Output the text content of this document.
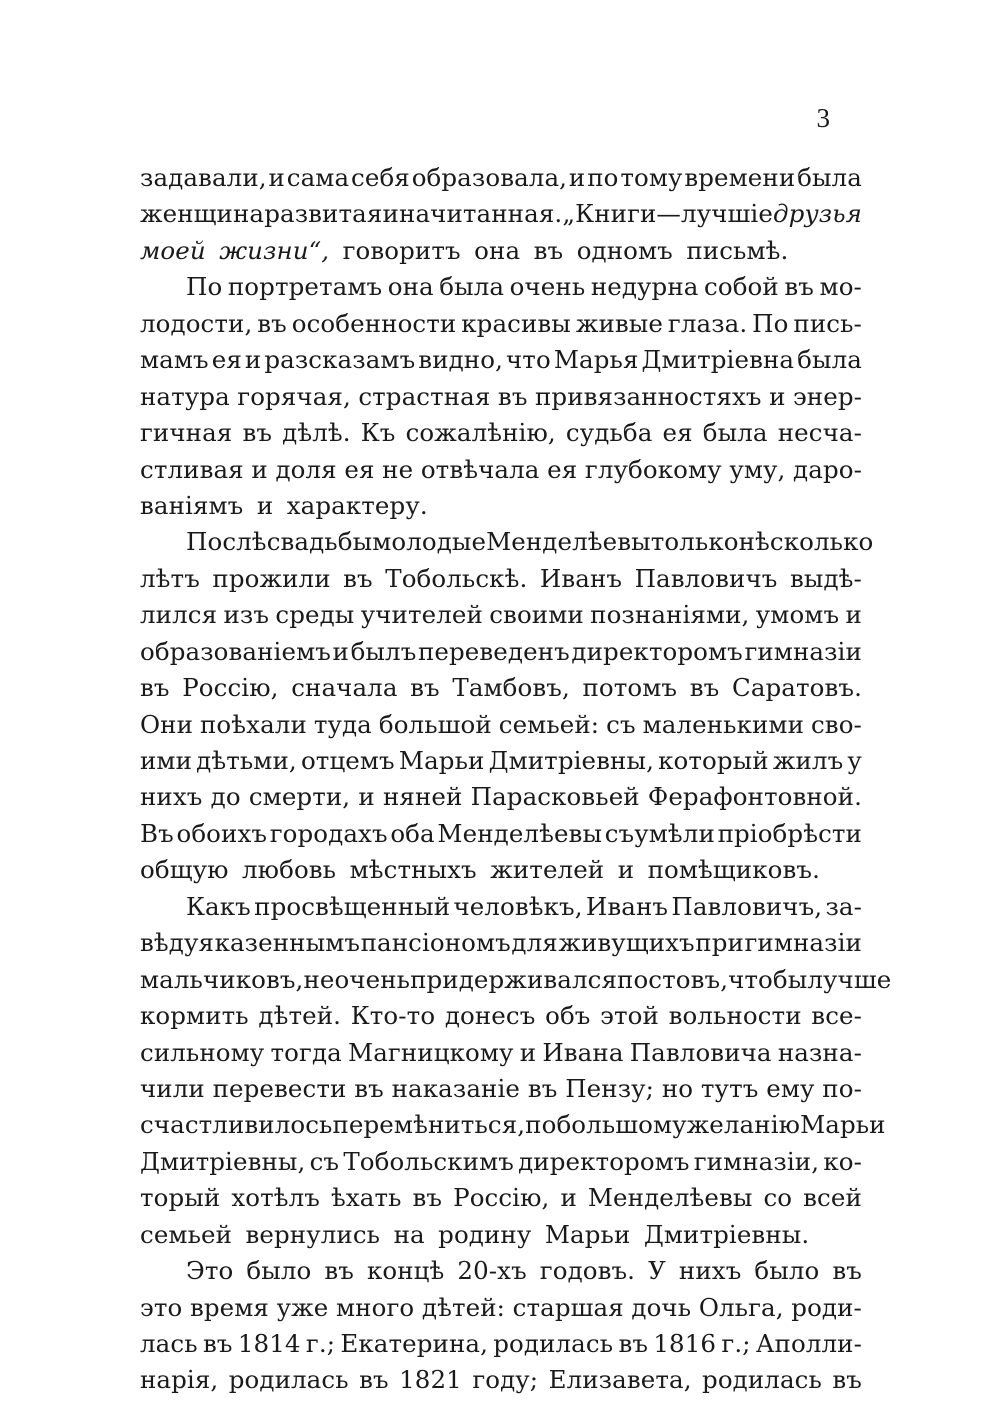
3
задавали, и сама себя образовала, и по тому времени была
женщина развитая и начитанная. „Книги—лучшіе друзья
моей жизни“, говоритъ она въ одномъ письмѣ.
По портретамъ она была очень недурна собой въ мо-
лодости, въ особенности красивы живые глаза. По пись-
мамъ ея и разсказамъ видно, что Марья Дмитріевна была
натура горячая, страстная въ привязанностяхъ и энер-
гичная въ дѣлѣ. Къ сожалѣнію, судьба ея была несча-
стливая и доля ея не отвѣчала ея глубокому уму, даро-
ваніямъ и характеру.
Послѣ свадьбы молодые Менделѣевы только нѣсколько
лѣтъ прожили въ Тобольскѣ. Иванъ Павловичъ выдѣ-
лился изъ среды учителей своими познаніями, умомъ и
образованіемъ и былъ переведенъ директоромъ гимназіи
въ Россію, сначала въ Тамбовъ, потомъ въ Саратовъ.
Они поѣхали туда большой семьей: съ маленькими сво-
ими дѣтьми, отцемъ Марьи Дмитріевны, который жилъ у
нихъ до смерти, и няней Парасковьей Ферафонтовной.
Въ обоихъ городахъ оба Менделѣевы съумѣли пріобрѣсти
общую любовь мѣстныхъ жителей и помѣщиковъ.
Какъ просвѣщенный человѣкъ, Иванъ Павловичъ, за-
вѣдуя казеннымъ пансіономъ для живущихъ при гимназіи
мальчиковъ, не очень придерживался постовъ, чтобы лучше
кормить дѣтей. Кто-то донесъ объ этой вольности все-
сильному тогда Магницкому и Ивана Павловича назна-
чили перевести въ наказаніе въ Пензу; но тутъ ему по-
счастливилось перемѣниться, по большому желанію Марьи
Дмитріевны, съ Тобольскимъ директоромъ гимназіи, ко-
торый хотѣлъ ѣхать въ Россію, и Менделѣевы со всей
семьей вернулись на родину Марьи Дмитріевны.
Это было въ концѣ 20-хъ годовъ. У нихъ было въ
это время уже много дѣтей: старшая дочь Ольга, роди-
лась въ 1814 г.; Екатерина, родилась въ 1816 г.; Аполли-
нарія, родилась въ 1821 году; Елизавета, родилась въ
